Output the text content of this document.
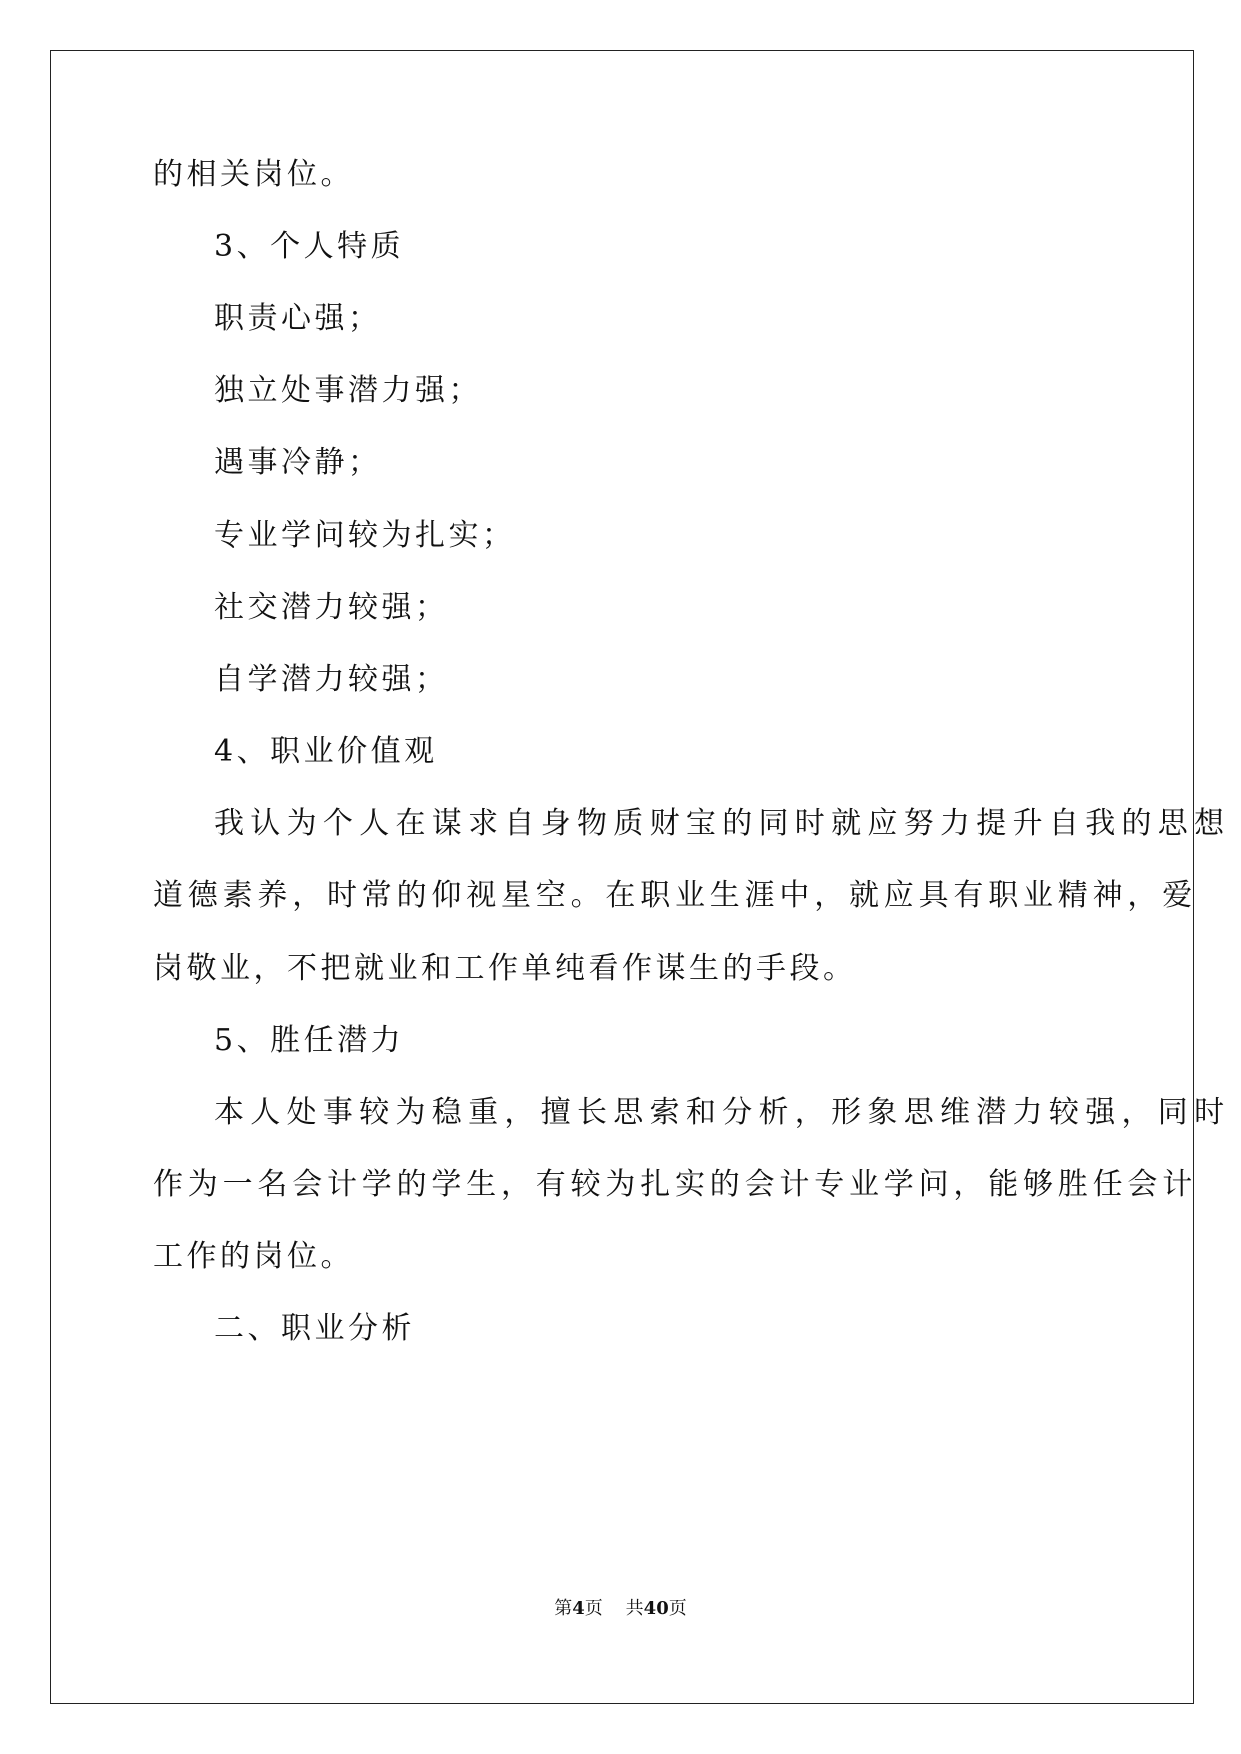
的相关岗位。
3、个人特质
职责心强；
独立处事潜力强；
遇事冷静；
专业学问较为扎实；
社交潜力较强；
自学潜力较强；
4、职业价值观
我认为个人在谋求自身物质财宝的同时就应努力提升自我的思想
道德素养，时常的仰视星空。在职业生涯中，就应具有职业精神，爱
岗敬业，不把就业和工作单纯看作谋生的手段。
5、胜任潜力
本人处事较为稳重，擅长思索和分析，形象思维潜力较强，同时
作为一名会计学的学生，有较为扎实的会计专业学问，能够胜任会计
工作的岗位。
二、职业分析
第4页 共40页
